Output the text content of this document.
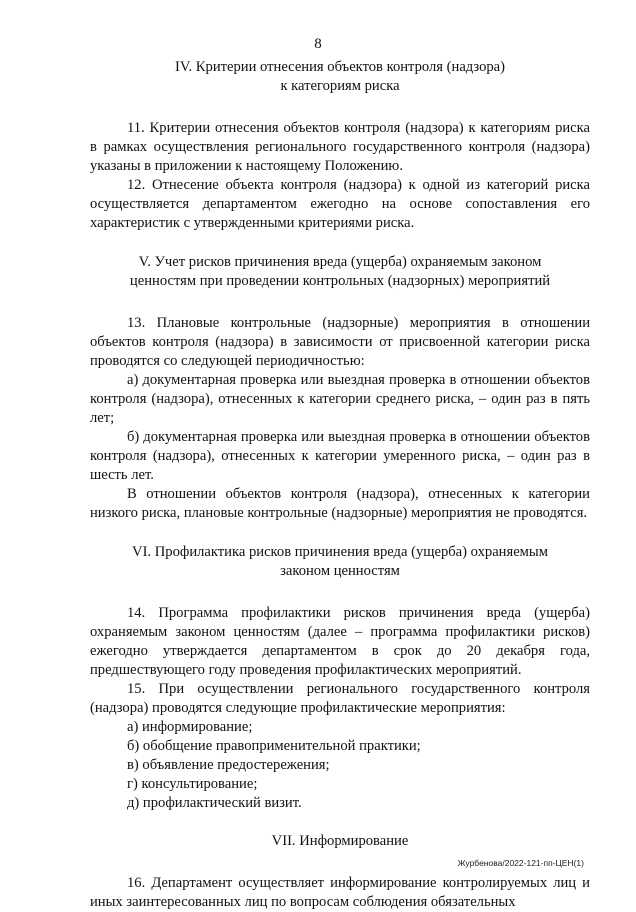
8
IV. Критерии отнесения объектов контроля (надзора)
к категориям риска

11. Критерии отнесения объектов контроля (надзора) к категориям риска в рамках осуществления регионального государственного контроля (надзора) указаны в приложении к настоящему Положению.

12. Отнесение объекта контроля (надзора) к одной из категорий риска осуществляется департаментом ежегодно на основе сопоставления его характеристик с утвержденными критериями риска.

V. Учет рисков причинения вреда (ущерба) охраняемым законом
ценностям при проведении контрольных (надзорных) мероприятий

13. Плановые контрольные (надзорные) мероприятия в отношении объектов контроля (надзора) в зависимости от присвоенной категории риска проводятся со следующей периодичностью:

а) документарная проверка или выездная проверка в отношении объектов контроля (надзора), отнесенных к категории среднего риска, – один раз в пять лет;

б) документарная проверка или выездная проверка в отношении объектов контроля (надзора), отнесенных к категории умеренного риска, – один раз в шесть лет.

В отношении объектов контроля (надзора), отнесенных к категории низкого риска, плановые контрольные (надзорные) мероприятия не проводятся.

VI. Профилактика рисков причинения вреда (ущерба) охраняемым
законом ценностям

14. Программа профилактики рисков причинения вреда (ущерба) охраняемым законом ценностям (далее – программа профилактики рисков) ежегодно утверждается департаментом в срок до 20 декабря года, предшествующего году проведения профилактических мероприятий.

15. При осуществлении регионального государственного контроля (надзора) проводятся следующие профилактические мероприятия:

а) информирование;

б) обобщение правоприменительной практики;

в) объявление предостережения;

г) консультирование;

д) профилактический визит.

VII. Информирование

16. Департамент осуществляет информирование контролируемых лиц и иных заинтересованных лиц по вопросам соблюдения обязательных

Журбенова/2022-121-пп-ЦЕН(1)
